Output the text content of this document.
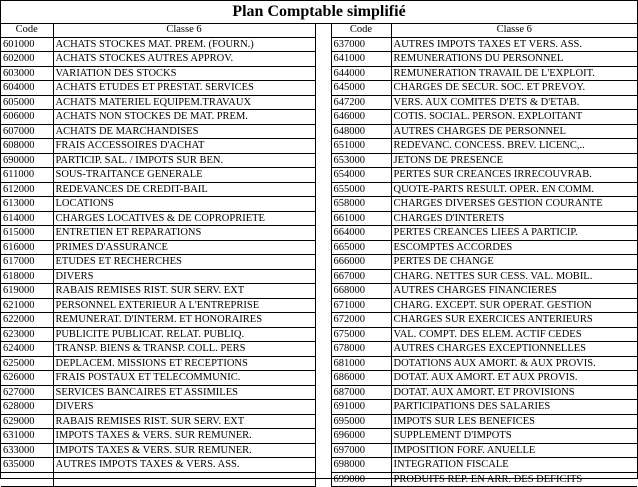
Plan Comptable simplifié
Code	Classe 6		Code	Classe 6
601000	ACHATS STOCKES MAT. PREM. (FOURN.)		637000	AUTRES IMPOTS TAXES ET VERS. ASS.
602000	ACHATS STOCKES AUTRES APPROV.		641000	REMUNERATIONS DU PERSONNEL
603000	VARIATION DES STOCKS		644000	REMUNERATION TRAVAIL DE L'EXPLOIT.
604000	ACHATS ETUDES ET PRESTAT. SERVICES		645000	CHARGES DE SECUR. SOC. ET PREVOY.
605000	ACHATS MATERIEL EQUIPEM.TRAVAUX		647200	VERS. AUX COMITES D'ETS & D'ETAB.
606000	ACHATS NON STOCKES DE MAT. PREM.		646000	COTIS. SOCIAL. PERSON. EXPLOITANT
607000	ACHATS DE MARCHANDISES		648000	AUTRES CHARGES DE PERSONNEL
608000	FRAIS ACCESSOIRES D'ACHAT		651000	REDEVANC. CONCESS. BREV. LICENC,..
690000	PARTICIP. SAL. / IMPOTS SUR BEN.		653000	JETONS DE PRESENCE
611000	SOUS-TRAITANCE GENERALE		654000	PERTES SUR CREANCES IRRECOUVRAB.
612000	REDEVANCES DE CREDIT-BAIL		655000	QUOTE-PARTS RESULT. OPER. EN COMM.
613000	LOCATIONS		658000	CHARGES DIVERSES GESTION COURANTE
614000	CHARGES LOCATIVES & DE COPROPRIETE		661000	CHARGES D'INTERETS
615000	ENTRETIEN ET REPARATIONS		664000	PERTES CREANCES LIEES A PARTICIP.
616000	PRIMES D'ASSURANCE		665000	ESCOMPTES ACCORDES
617000	ETUDES ET RECHERCHES		666000	PERTES DE CHANGE
618000	DIVERS		667000	CHARG. NETTES SUR CESS. VAL. MOBIL.
619000	RABAIS REMISES RIST. SUR SERV. EXT		668000	AUTRES CHARGES FINANCIERES
621000	PERSONNEL EXTERIEUR A L'ENTREPRISE		671000	CHARG. EXCEPT. SUR OPERAT. GESTION
622000	REMUNERAT. D'INTERM. ET HONORAIRES		672000	CHARGES SUR EXERCICES ANTERIEURS
623000	PUBLICITE PUBLICAT. RELAT. PUBLIQ.		675000	VAL. COMPT. DES ELEM. ACTIF CEDES
624000	TRANSP. BIENS & TRANSP. COLL. PERS		678000	AUTRES CHARGES EXCEPTIONNELLES
625000	DEPLACEM. MISSIONS ET RECEPTIONS		681000	DOTATIONS AUX AMORT. & AUX PROVIS.
626000	FRAIS POSTAUX ET TELECOMMUNIC.		686000	DOTAT. AUX AMORT. ET AUX PROVIS.
627000	SERVICES BANCAIRES ET ASSIMILES		687000	DOTAT. AUX AMORT. ET PROVISIONS
628000	DIVERS		691000	PARTICIPATIONS DES SALARIES
629000	RABAIS REMISES RIST. SUR SERV. EXT		695000	IMPOTS SUR LES BENEFICES
631000	IMPOTS TAXES & VERS. SUR REMUNER.		696000	SUPPLEMENT D'IMPOTS
633000	IMPOTS TAXES & VERS. SUR REMUNER.		697000	IMPOSITION FORF. ANUELLE
635000	AUTRES IMPOTS TAXES & VERS. ASS.		698000	INTEGRATION FISCALE
			699000	PRODUITS REP. EN ARR. DES DEFICITS
